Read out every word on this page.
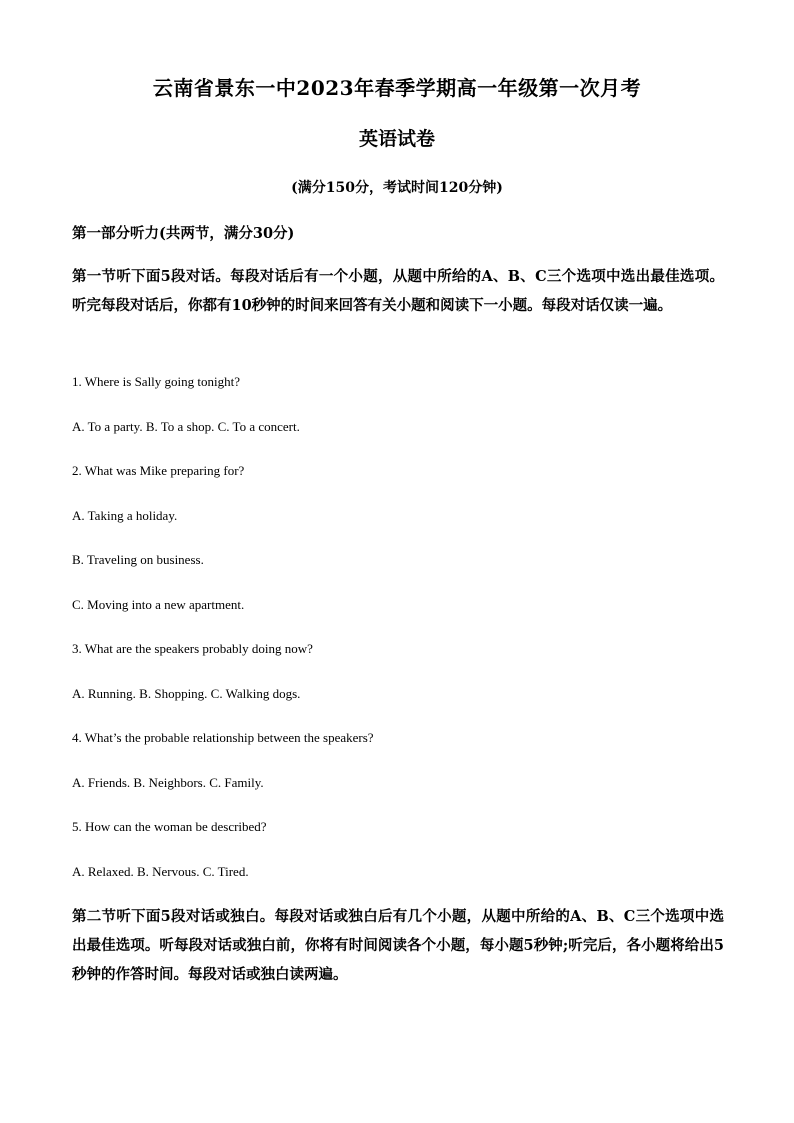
云南省景东一中2023年春季学期高一年级第一次月考
英语试卷
(满分150分，考试时间120分钟)
第一部分听力(共两节，满分30分)
第一节听下面5段对话。每段对话后有一个小题，从题中所给的A、B、C三个选项中选出最佳选项。听完每段对话后，你都有10秒钟的时间来回答有关小题和阅读下一小题。每段对话仅读一遍。
1. Where is Sally going tonight?
A. To a party. B. To a shop. C. To a concert.
2. What was Mike preparing for?
A. Taking a holiday.
B. Traveling on business.
C. Moving into a new apartment.
3. What are the speakers probably doing now?
A. Running. B. Shopping. C. Walking dogs.
4. What’s the probable relationship between the speakers?
A. Friends. B. Neighbors. C. Family.
5. How can the woman be described?
A. Relaxed. B. Nervous. C. Tired.
第二节听下面5段对话或独白。每段对话或独白后有几个小题，从题中所给的A、B、C三个选项中选出最佳选项。听每段对话或独白前，你将有时间阅读各个小题，每小题5秒钟;听完后，各小题将给出5秒钟的作答时间。每段对话或独白读两遍。
